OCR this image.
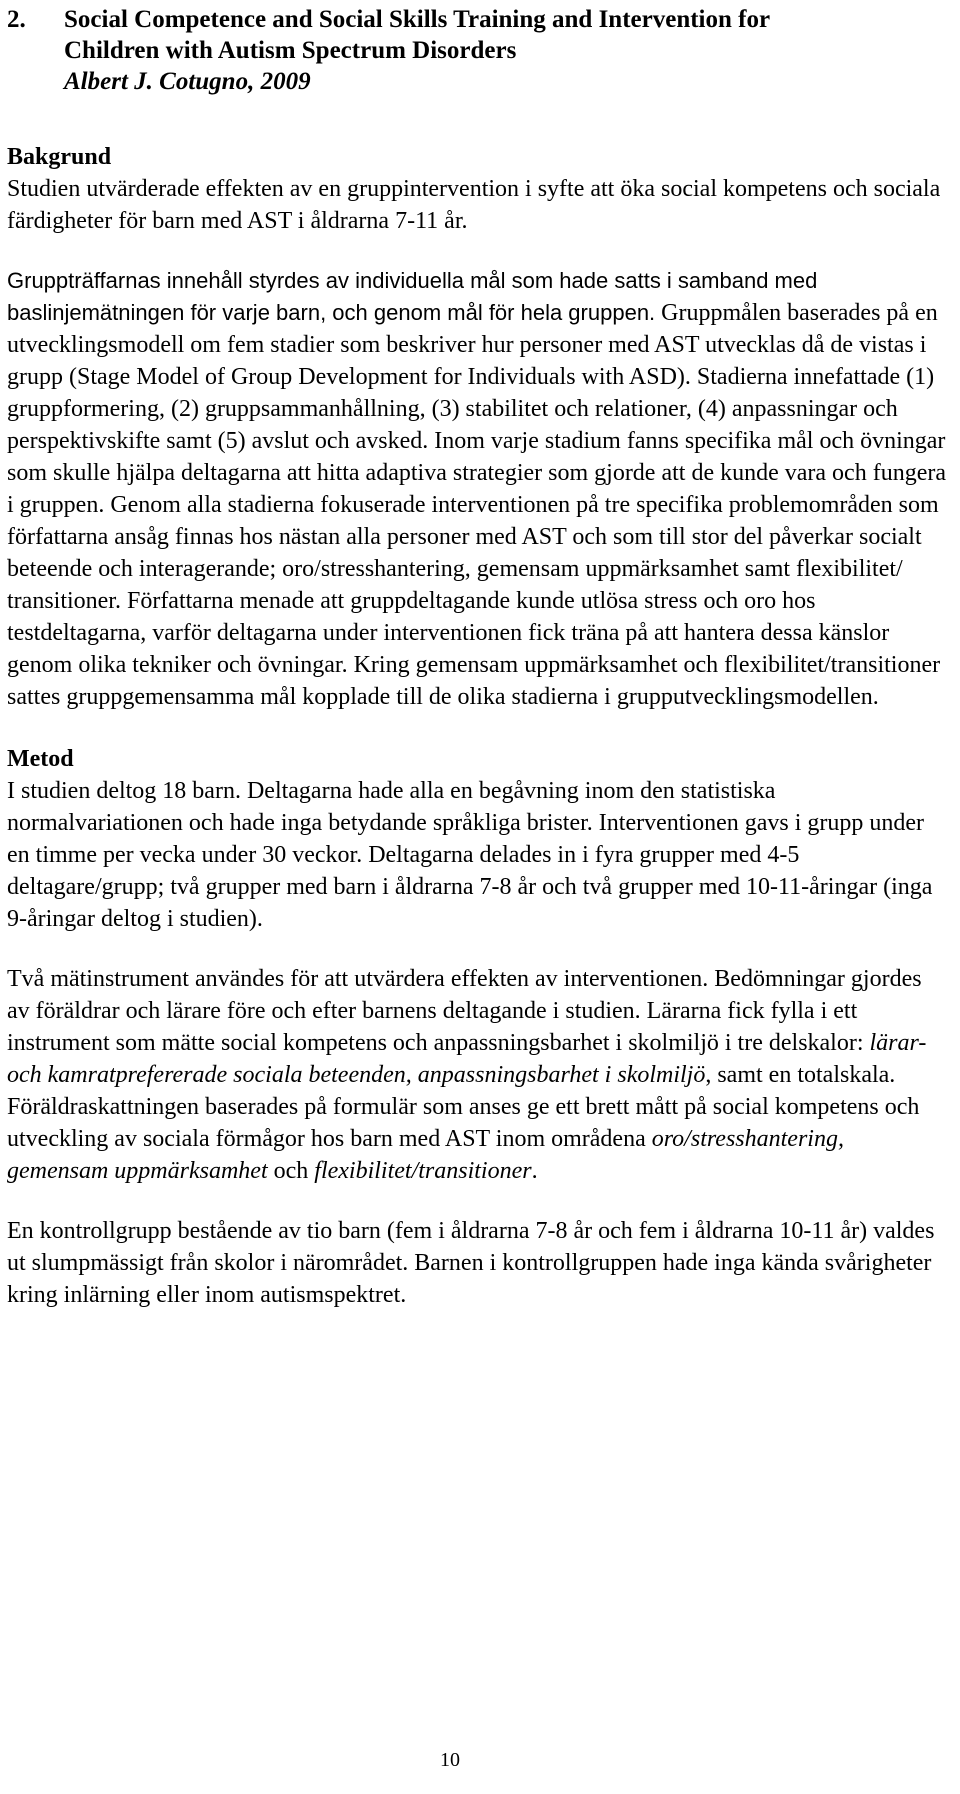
2. Social Competence and Social Skills Training and Intervention for
Children with Autism Spectrum Disorders
Albert J. Cotugno, 2009
Bakgrund

Studien utvärderade effekten av en gruppintervention i syfte att öka social kompetens och sociala färdigheter för barn med AST i åldrarna 7-11 år.

Gruppträffarnas innehåll styrdes av individuella mål som hade satts i samband med baslinjemätningen för varje barn, och genom mål för hela gruppen. Gruppmålen baserades på en utvecklingsmodell om fem stadier som beskriver hur personer med AST utvecklas då de vistas i grupp (Stage Model of Group Development for Individuals with ASD). Stadierna innefattade (1) gruppformering, (2) gruppsammanhållning, (3) stabilitet och relationer, (4) anpassningar och perspektivskifte samt (5) avslut och avsked. Inom varje stadium fanns specifika mål och övningar som skulle hjälpa deltagarna att hitta adaptiva strategier som gjorde att de kunde vara och fungera i gruppen. Genom alla stadierna fokuserade interventionen på tre specifika problemområden som författarna ansåg finnas hos nästan alla personer med AST och som till stor del påverkar socialt beteende och interagerande; oro/stresshantering, gemensam uppmärksamhet samt flexibilitet/ transitioner. Författarna menade att gruppdeltagande kunde utlösa stress och oro hos testdeltagarna, varför deltagarna under interventionen fick träna på att hantera dessa känslor genom olika tekniker och övningar. Kring gemensam uppmärksamhet och flexibilitet/transitioner sattes gruppgemensamma mål kopplade till de olika stadierna i grupputvecklingsmodellen.

Metod

I studien deltog 18 barn. Deltagarna hade alla en begåvning inom den statistiska normalvariationen och hade inga betydande språkliga brister. Interventionen gavs i grupp under en timme per vecka under 30 veckor. Deltagarna delades in i fyra grupper med 4-5 deltagare/grupp; två grupper med barn i åldrarna 7-8 år och två grupper med 10-11-åringar (inga 9-åringar deltog i studien).

Två mätinstrument användes för att utvärdera effekten av interventionen. Bedömningar gjordes av föräldrar och lärare före och efter barnens deltagande i studien. Lärarna fick fylla i ett instrument som mätte social kompetens och anpassningsbarhet i skolmiljö i tre delskalor: lärar- och kamratprefererade sociala beteenden, anpassningsbarhet i skolmiljö, samt en totalskala. Föräldraskattningen baserades på formulär som anses ge ett brett mått på social kompetens och utveckling av sociala förmågor hos barn med AST inom områdena oro/stresshantering, gemensam uppmärksamhet och flexibilitet/transitioner.

En kontrollgrupp bestående av tio barn (fem i åldrarna 7-8 år och fem i åldrarna 10-11 år) valdes ut slumpmässigt från skolor i närområdet. Barnen i kontrollgruppen hade inga kända svårigheter kring inlärning eller inom autismspektret.

10
